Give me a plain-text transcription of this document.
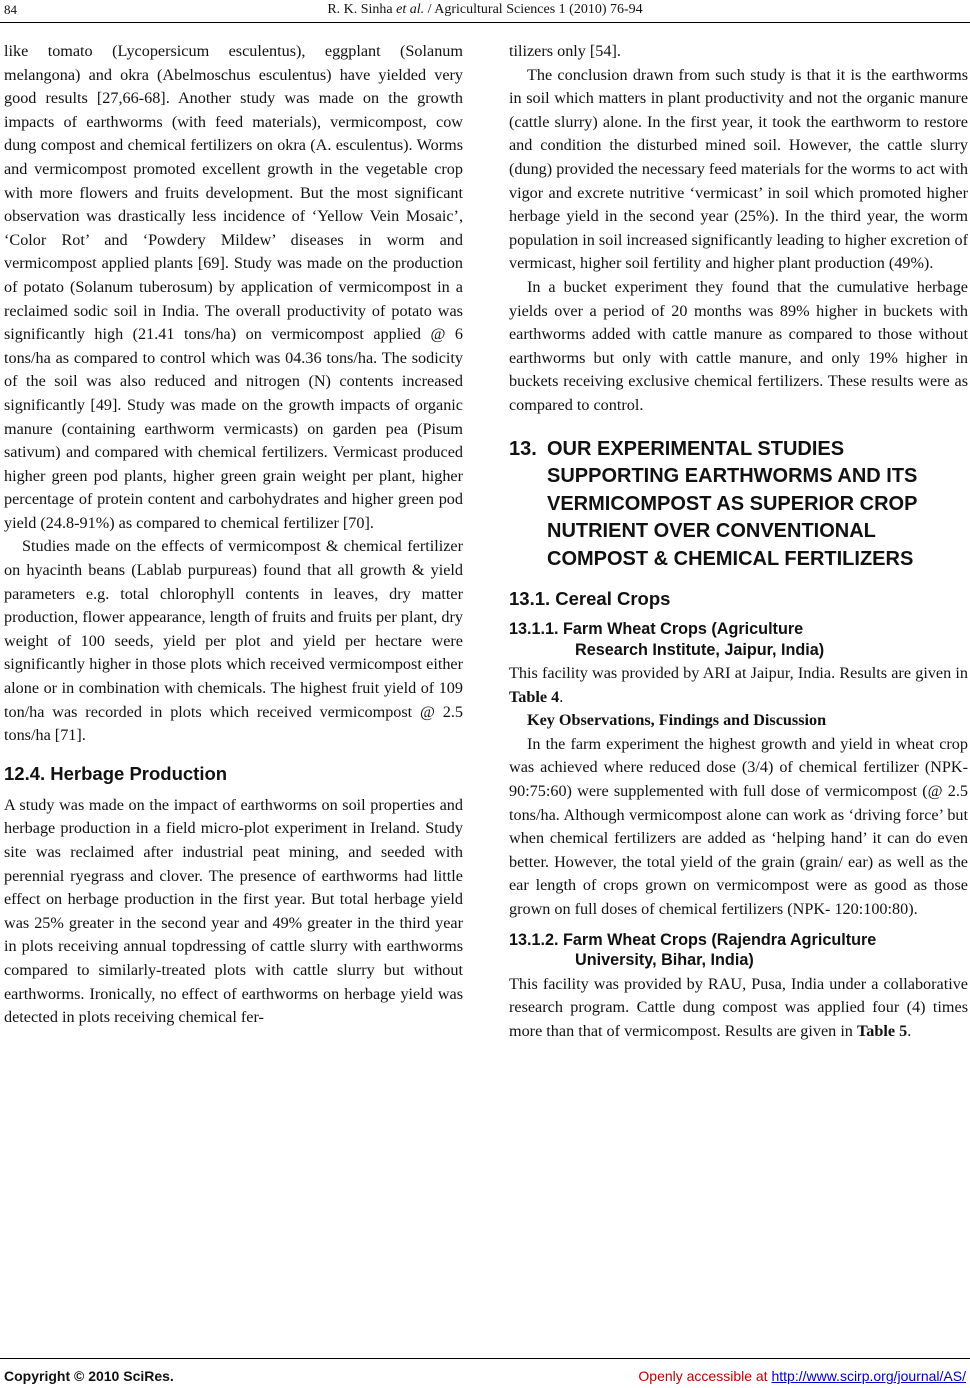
84	R. K. Sinha et al. / Agricultural Sciences 1 (2010) 76-94

like tomato (Lycopersicum esculentus), eggplant (Solanum melangona) and okra (Abelmoschus esculentus) have yielded very good results [27,66-68]. Another study was made on the growth impacts of earthworms (with feed materials), vermicompost, cow dung compost and chemical fertilizers on okra (A. esculentus). Worms and vermicompost promoted excellent growth in the vegetable crop with more flowers and fruits development. But the most significant observation was drastically less incidence of ‘Yellow Vein Mosaic’, ‘Color Rot’ and ‘Powdery Mildew’ diseases in worm and vermicompost applied plants [69]. Study was made on the production of potato (Solanum tuberosum) by application of vermicompost in a reclaimed sodic soil in India. The overall productivity of potato was significantly high (21.41 tons/ha) on vermicompost applied @ 6 tons/ha as compared to control which was 04.36 tons/ha. The sodicity of the soil was also reduced and nitrogen (N) contents increased significantly [49]. Study was made on the growth impacts of organic manure (containing earthworm vermicasts) on garden pea (Pisum sativum) and compared with chemical fertilizers. Vermicast produced higher green pod plants, higher green grain weight per plant, higher percentage of protein content and carbohydrates and higher green pod yield (24.8-91%) as compared to chemical fertilizer [70].

Studies made on the effects of vermicompost & chemical fertilizer on hyacinth beans (Lablab purpureas) found that all growth & yield parameters e.g. total chlorophyll contents in leaves, dry matter production, flower appearance, length of fruits and fruits per plant, dry weight of 100 seeds, yield per plot and yield per hectare were significantly higher in those plots which received vermicompost either alone or in combination with chemicals. The highest fruit yield of 109 ton/ha was recorded in plots which received vermicompost @ 2.5 tons/ha [71].

12.4. Herbage Production

A study was made on the impact of earthworms on soil properties and herbage production in a field micro-plot experiment in Ireland. Study site was reclaimed after industrial peat mining, and seeded with perennial ryegrass and clover. The presence of earthworms had little effect on herbage production in the first year. But total herbage yield was 25% greater in the second year and 49% greater in the third year in plots receiving annual topdressing of cattle slurry with earthworms compared to similarly-treated plots with cattle slurry but without earthworms. Ironically, no effect of earthworms on herbage yield was detected in plots receiving chemical fer-

tilizers only [54].

The conclusion drawn from such study is that it is the earthworms in soil which matters in plant productivity and not the organic manure (cattle slurry) alone. In the first year, it took the earthworm to restore and condition the disturbed mined soil. However, the cattle slurry (dung) provided the necessary feed materials for the worms to act with vigor and excrete nutritive ‘vermicast’ in soil which promoted higher herbage yield in the second year (25%). In the third year, the worm population in soil increased significantly leading to higher excretion of vermicast, higher soil fertility and higher plant production (49%).

In a bucket experiment they found that the cumulative herbage yields over a period of 20 months was 89% higher in buckets with earthworms added with cattle manure as compared to those without earthworms but only with cattle manure, and only 19% higher in buckets receiving exclusive chemical fertilizers. These results were as compared to control.

13. OUR EXPERIMENTAL STUDIES SUPPORTING EARTHWORMS AND ITS VERMICOMPOST AS SUPERIOR CROP NUTRIENT OVER CONVENTIONAL COMPOST & CHEMICAL FERTILIZERS
13.1. Cereal Crops
13.1.1. Farm Wheat Crops (Agriculture
Research Institute, Jaipur, India)

This facility was provided by ARI at Jaipur, India. Results are given in Table 4.

Key Observations, Findings and Discussion

In the farm experiment the highest growth and yield in wheat crop was achieved where reduced dose (3/4) of chemical fertilizer (NPK- 90:75:60) were supplemented with full dose of vermicompost (@ 2.5 tons/ha. Although vermicompost alone can work as ‘driving force’ but when chemical fertilizers are added as ‘helping hand’ it can do even better. However, the total yield of the grain (grain/ ear) as well as the ear length of crops grown on vermicompost were as good as those grown on full doses of chemical fertilizers (NPK- 120:100:80).

13.1.2. Farm Wheat Crops (Rajendra Agriculture
University, Bihar, India)

This facility was provided by RAU, Pusa, India under a collaborative research program. Cattle dung compost was applied four (4) times more than that of vermicompost. Results are given in Table 5.

Copyright © 2010 SciRes.	Openly accessible at http://www.scirp.org/journal/AS/
